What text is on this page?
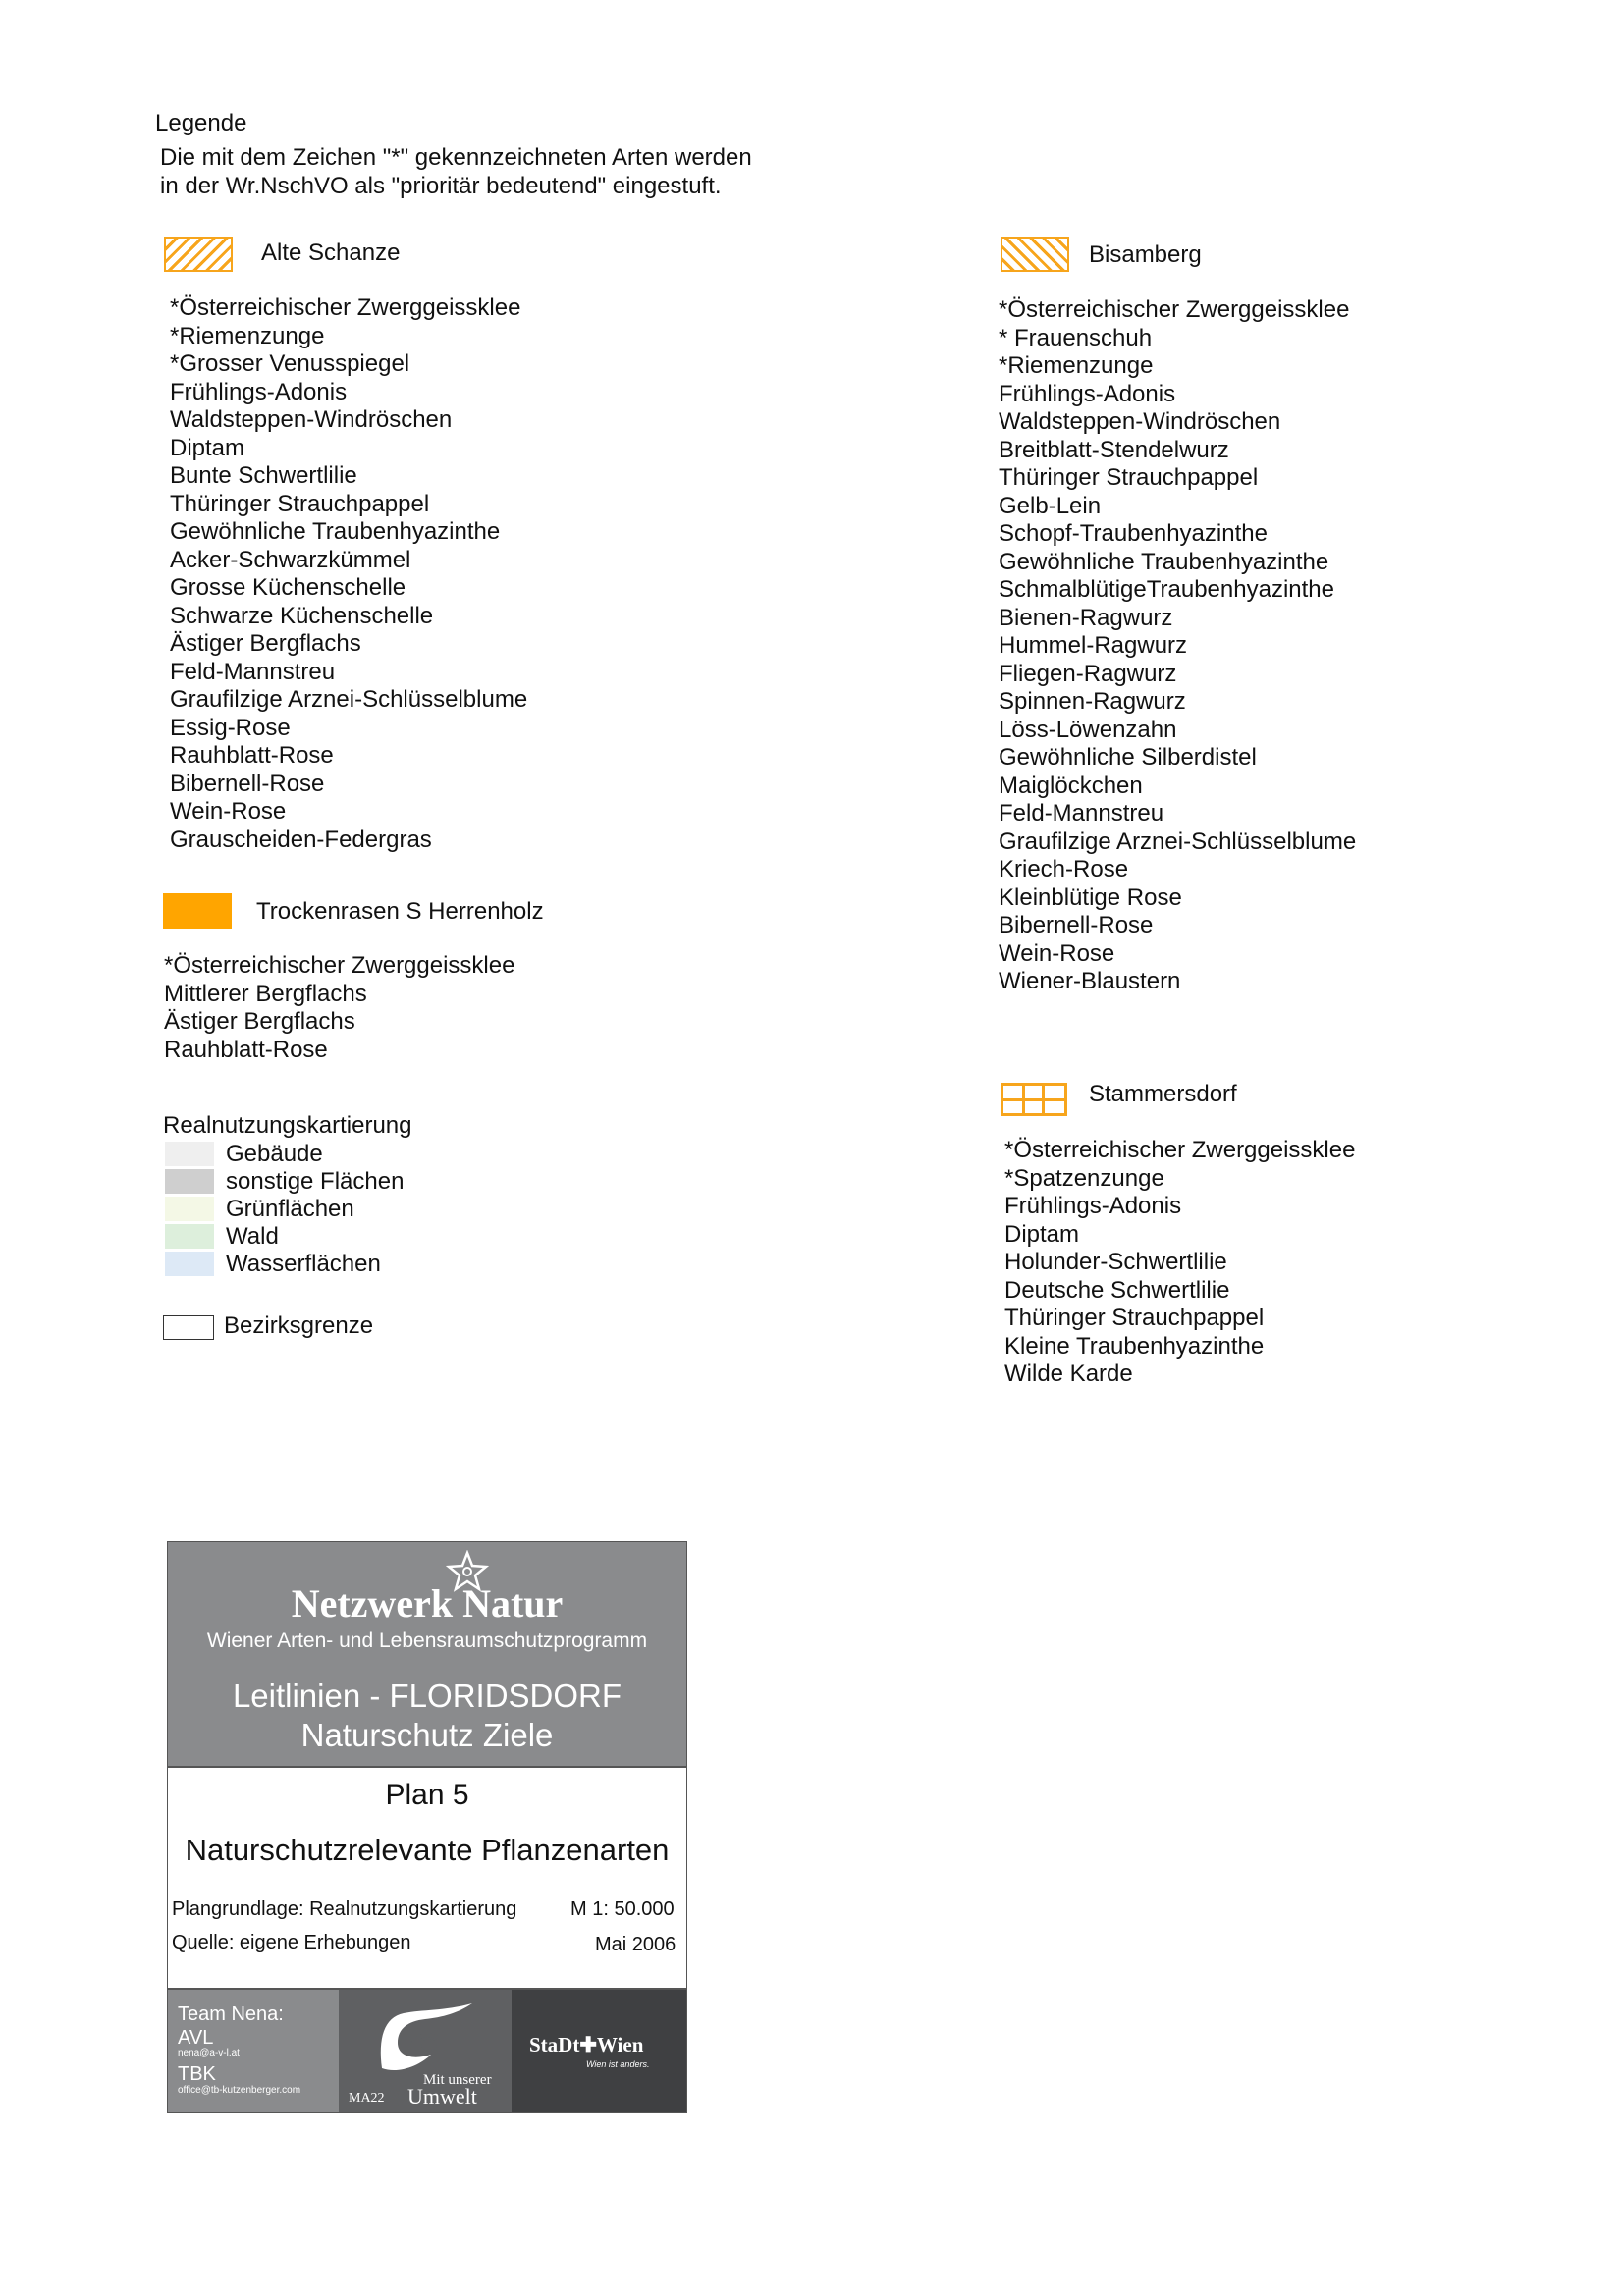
Legende
Die mit dem Zeichen "*" gekennzeichneten Arten werden
in der Wr.NschVO als "prioritär bedeutend" eingestuft.
Alte Schanze
*Österreichischer Zwerggeissklee
*Riemenzunge
*Grosser Venusspiegel
Frühlings-Adonis
Waldsteppen-Windröschen
Diptam
Bunte Schwertlilie
Thüringer Strauchpappel
Gewöhnliche Traubenhyazinthe
Acker-Schwarzkümmel
Grosse Küchenschelle
Schwarze Küchenschelle
Ästiger Bergflachs
Feld-Mannstreu
Graufilzige Arznei-Schlüsselblume
Essig-Rose
Rauhblatt-Rose
Bibernell-Rose
Wein-Rose
Grauscheiden-Federgras
Trockenrasen S Herrenholz
*Österreichischer Zwerggeissklee
Mittlerer Bergflachs
Ästiger Bergflachs
Rauhblatt-Rose
Bisamberg
*Österreichischer Zwerggeissklee
* Frauenschuh
*Riemenzunge
Frühlings-Adonis
Waldsteppen-Windröschen
Breitblatt-Stendelwurz
Thüringer Strauchpappel
Gelb-Lein
Schopf-Traubenhyazinthe
Gewöhnliche Traubenhyazinthe
SchmalblütigeTraubenhyazinthe
Bienen-Ragwurz
Hummel-Ragwurz
Fliegen-Ragwurz
Spinnen-Ragwurz
Löss-Löwenzahn
Gewöhnliche Silberdistel
Maiglöckchen
Feld-Mannstreu
Graufilzige Arznei-Schlüsselblume
Kriech-Rose
Kleinblütige Rose
Bibernell-Rose
Wein-Rose
Wiener-Blaustern
Stammersdorf
*Österreichischer Zwerggeissklee
*Spatzenzunge
Frühlings-Adonis
Diptam
Holunder-Schwertlilie
Deutsche Schwertlilie
Thüringer Strauchpappel
Kleine Traubenhyazinthe
Wilde Karde
Realnutzungskartierung
Gebäude
sonstige Flächen
Grünflächen
Wald
Wasserflächen
Bezirksgrenze
Netzwerk Natur
Wiener Arten- und Lebensraumschutzprogramm
Leitlinien - FLORIDSDORF
Naturschutz Ziele
Plan 5
Naturschutzrelevante Pflanzenarten
Plangrundlage: Realnutzungskartierung	M 1: 50.000
Quelle: eigene Erhebungen	Mai 2006
Team Nena:
AVL
nena@a-v-l.at
TBK
office@tb-kutzenberger.com
Mit unserer
MA22 Umwelt
StaDt✚Wien
Wien ist anders.
